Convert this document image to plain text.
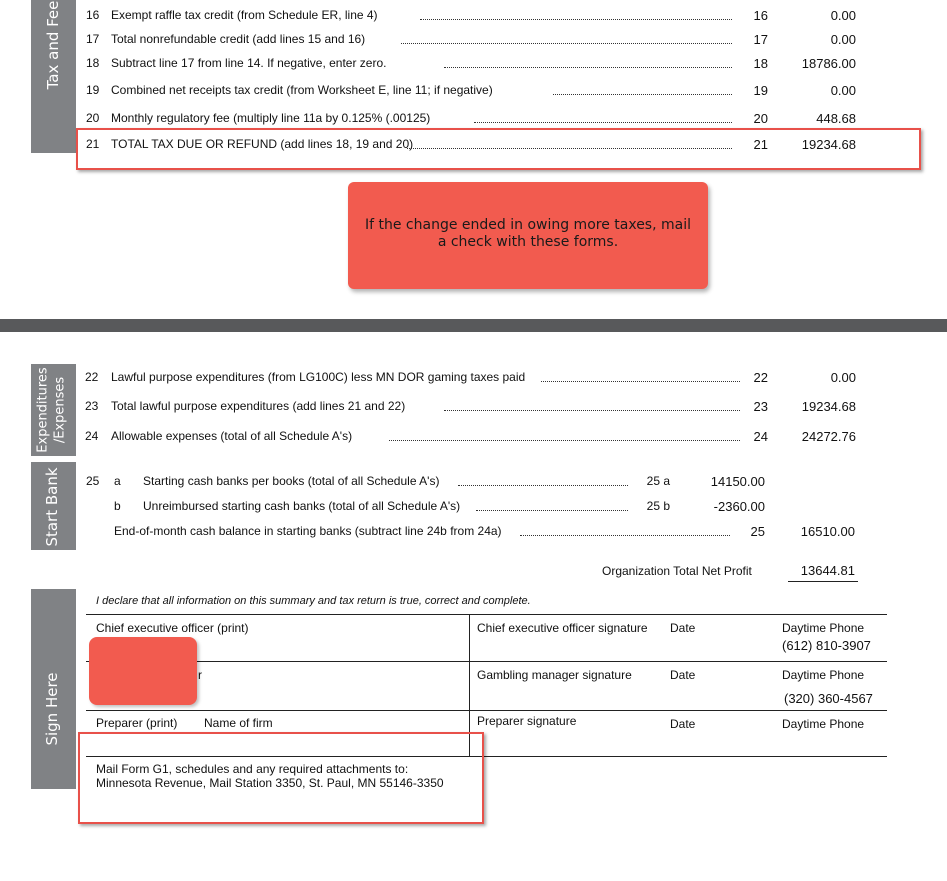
Tax and Fee 16 Exempt raffle tax credit (from Schedule ER, line 4)	16	0.00
17 Total nonrefundable credit (add lines 15 and 16)	17	0.00
18 Subtract line 17 from line 14. If negative, enter zero.	18	18786.00
19 Combined net receipts tax credit (from Worksheet E, line 11; if negative)	19	0.00
20 Monthly regulatory fee (multiply line 11a by 0.125% (.00125)	20	448.68
21 TOTAL TAX DUE OR REFUND (add lines 18, 19 and 20)	21	19234.68
If the change ended in owing more taxes, mail a check with these forms.
Expenditures
/Expenses 22 Lawful purpose expenditures (from LG100C) less MN DOR gaming taxes paid	22	0.00
23 Total lawful purpose expenditures (add lines 21 and 22)	23	19234.68
24 Allowable expenses (total of all Schedule A's)	24	24272.76
Start Bank 25 a Starting cash banks per books (total of all Schedule A's)	25 a	14150.00
b Unreimbursed starting cash banks (total of all Schedule A's)	25 b	-2360.00
End-of-month cash balance in starting banks (subtract line 24b from 24a)	25	16510.00
Organization Total Net Profit	13644.81
Sign Here
I declare that all information on this summary and tax return is true, correct and complete.
Chief executive officer (print)	Chief executive officer signature Date	Daytime Phone
(612) 810-3907
r	Gambling manager signature	Date	Daytime Phone
(320) 360-4567
Preparer (print) Name of firm	Preparer signature	Date	Daytime Phone
Mail Form G1, schedules and any required attachments to:
Minnesota Revenue, Mail Station 3350, St. Paul, MN 55146-3350
